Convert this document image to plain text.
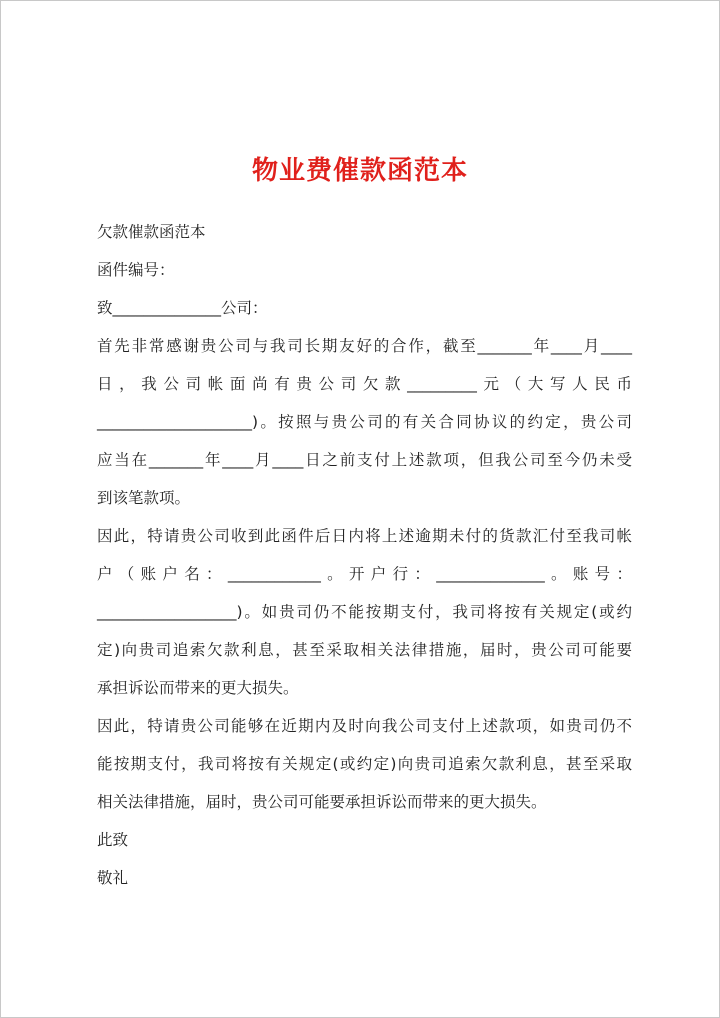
物业费催款函范本
欠款催款函范本
函件编号：
致______________公司：
首先非常感谢贵公司与我司长期友好的合作，截至_______年____月____
日，我公司帐面尚有贵公司欠款_________元（大写人民币
____________________)。按照与贵公司的有关合同协议的约定，贵公司
应当在_______年____月____日之前支付上述款项，但我公司至今仍未受
到该笔款项。
因此，特请贵公司收到此函件后日内将上述逾期未付的货款汇付至我司帐
户（账户名：____________。开户行：______________。账号：
__________________)。如贵司仍不能按期支付，我司将按有关规定(或约
定)向贵司追索欠款利息，甚至采取相关法律措施，届时，贵公司可能要
承担诉讼而带来的更大损失。
因此，特请贵公司能够在近期内及时向我公司支付上述款项，如贵司仍不
能按期支付，我司将按有关规定(或约定)向贵司追索欠款利息，甚至采取
相关法律措施，届时，贵公司可能要承担诉讼而带来的更大损失。
此致
敬礼
